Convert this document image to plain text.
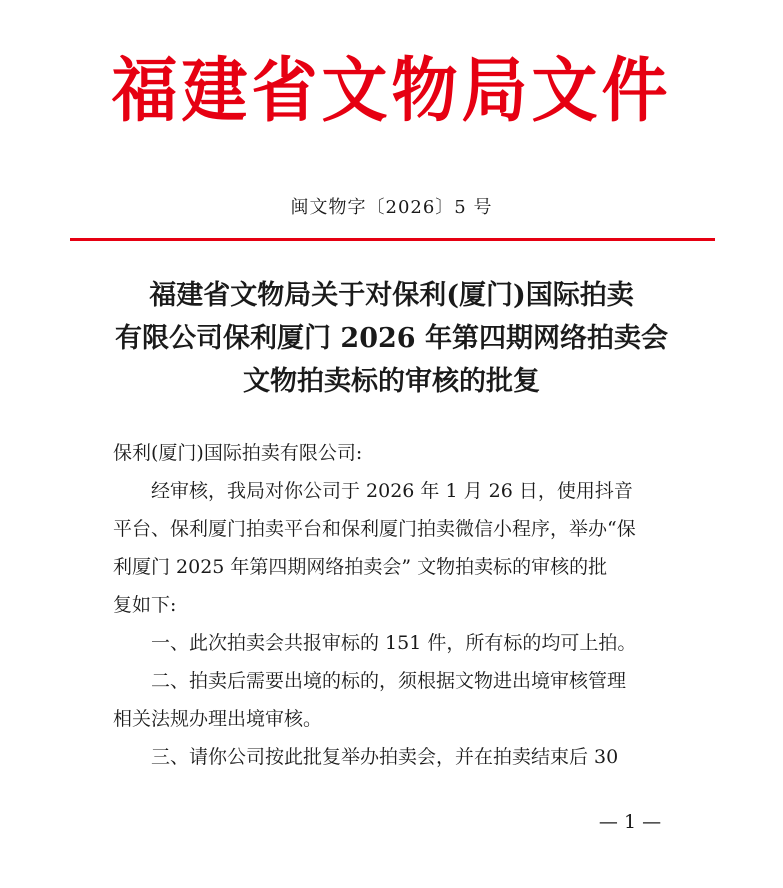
福建省文物局文件
闽文物字〔2026〕5 号
福建省文物局关于对保利(厦门)国际拍卖
有限公司保利厦门 2026 年第四期网络拍卖会
文物拍卖标的审核的批复

保利(厦门)国际拍卖有限公司:

经审核，我局对你公司于 2026 年 1 月 26 日，使用抖音

平台、保利厦门拍卖平台和保利厦门拍卖微信小程序，举办“保

利厦门 2025 年第四期网络拍卖会” 文物拍卖标的审核的批

复如下:

一、此次拍卖会共报审标的 151 件，所有标的均可上拍。

二、拍卖后需要出境的标的，须根据文物进出境审核管理

相关法规办理出境审核。

三、请你公司按此批复举办拍卖会，并在拍卖结束后 30

— 1 —
